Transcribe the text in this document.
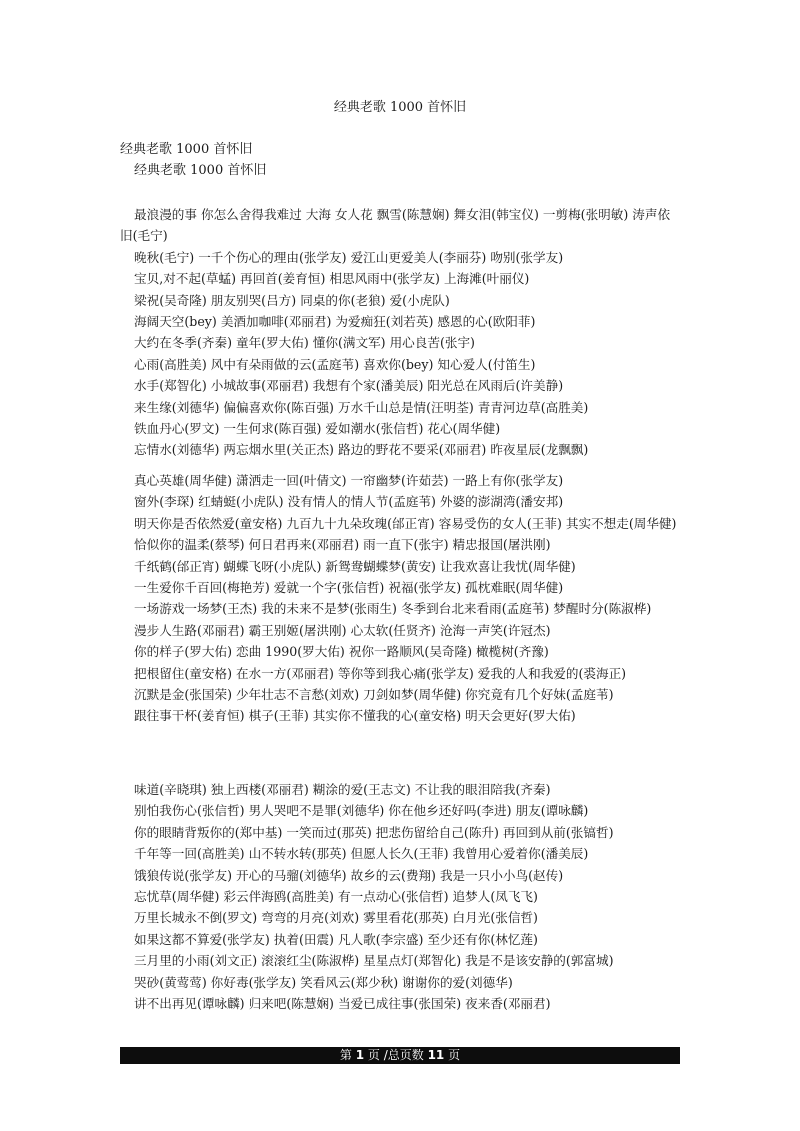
经典老歌 1000 首怀旧
经典老歌 1000 首怀旧
经典老歌 1000 首怀旧
最浪漫的事 你怎么舍得我难过 大海 女人花 飘雪(陈慧娴) 舞女泪(韩宝仪) 一剪梅(张明敏) 涛声依旧(毛宁)
晚秋(毛宁) 一千个伤心的理由(张学友) 爱江山更爱美人(李丽芬) 吻别(张学友)
宝贝,对不起(草蜢) 再回首(姜育恒) 相思风雨中(张学友) 上海滩(叶丽仪)
梁祝(吴奇隆) 朋友别哭(吕方) 同桌的你(老狼) 爱(小虎队)
海阔天空(bey) 美酒加咖啡(邓丽君) 为爱痴狂(刘若英) 感恩的心(欧阳菲)
大约在冬季(齐秦) 童年(罗大佑) 懂你(满文军) 用心良苦(张宇)
心雨(高胜美) 风中有朵雨做的云(孟庭苇) 喜欢你(bey) 知心爱人(付笛生)
水手(郑智化) 小城故事(邓丽君) 我想有个家(潘美辰) 阳光总在风雨后(许美静)
来生缘(刘德华) 偏偏喜欢你(陈百强) 万水千山总是情(汪明荃) 青青河边草(高胜美)
铁血丹心(罗文) 一生何求(陈百强) 爱如潮水(张信哲) 花心(周华健)
忘情水(刘德华) 两忘烟水里(关正杰) 路边的野花不要采(邓丽君) 昨夜星辰(龙飘飘)
真心英雄(周华健) 潇洒走一回(叶倩文) 一帘幽梦(许茹芸) 一路上有你(张学友)
窗外(李琛) 红蜻蜓(小虎队) 没有情人的情人节(孟庭苇) 外婆的澎湖湾(潘安邦)
明天你是否依然爱(童安格) 九百九十九朵玫瑰(邰正宵) 容易受伤的女人(王菲) 其实不想走(周华健)
恰似你的温柔(蔡琴) 何日君再来(邓丽君) 雨一直下(张宇) 精忠报国(屠洪刚)
千纸鹤(邰正宵) 蝴蝶飞呀(小虎队) 新鸳鸯蝴蝶梦(黄安) 让我欢喜让我忧(周华健)
一生爱你千百回(梅艳芳) 爱就一个字(张信哲) 祝福(张学友) 孤枕难眠(周华健)
一场游戏一场梦(王杰) 我的未来不是梦(张雨生) 冬季到台北来看雨(孟庭苇) 梦醒时分(陈淑桦)
漫步人生路(邓丽君) 霸王别姬(屠洪刚) 心太软(任贤齐) 沧海一声笑(许冠杰)
你的样子(罗大佑) 恋曲 1990(罗大佑) 祝你一路顺风(吴奇隆) 橄榄树(齐豫)
把根留住(童安格) 在水一方(邓丽君) 等你等到我心痛(张学友) 爱我的人和我爱的(裘海正)
沉默是金(张国荣) 少年壮志不言愁(刘欢) 刀剑如梦(周华健) 你究竟有几个好妹(孟庭苇)
跟往事干杯(姜育恒) 棋子(王菲) 其实你不懂我的心(童安格) 明天会更好(罗大佑)
味道(辛晓琪) 独上西楼(邓丽君) 糊涂的爱(王志文) 不让我的眼泪陪我(齐秦)
别怕我伤心(张信哲) 男人哭吧不是罪(刘德华) 你在他乡还好吗(李进) 朋友(谭咏麟)
你的眼睛背叛你的(郑中基) 一笑而过(那英) 把悲伤留给自己(陈升) 再回到从前(张镐哲)
千年等一回(高胜美) 山不转水转(那英) 但愿人长久(王菲) 我曾用心爱着你(潘美辰)
饿狼传说(张学友) 开心的马骝(刘德华) 故乡的云(费翔) 我是一只小小鸟(赵传)
忘忧草(周华健) 彩云伴海鸥(高胜美) 有一点动心(张信哲) 追梦人(凤飞飞)
万里长城永不倒(罗文) 弯弯的月亮(刘欢) 雾里看花(那英) 白月光(张信哲)
如果这都不算爱(张学友) 执着(田震) 凡人歌(李宗盛) 至少还有你(林忆莲)
三月里的小雨(刘文正) 滚滚红尘(陈淑桦) 星星点灯(郑智化) 我是不是该安静的(郭富城)
哭砂(黄莺莺) 你好毒(张学友) 笑看风云(郑少秋) 谢谢你的爱(刘德华)
讲不出再见(谭咏麟) 归来吧(陈慧娴) 当爱已成往事(张国荣) 夜来香(邓丽君)
第 1 页 /总页数 11 页
